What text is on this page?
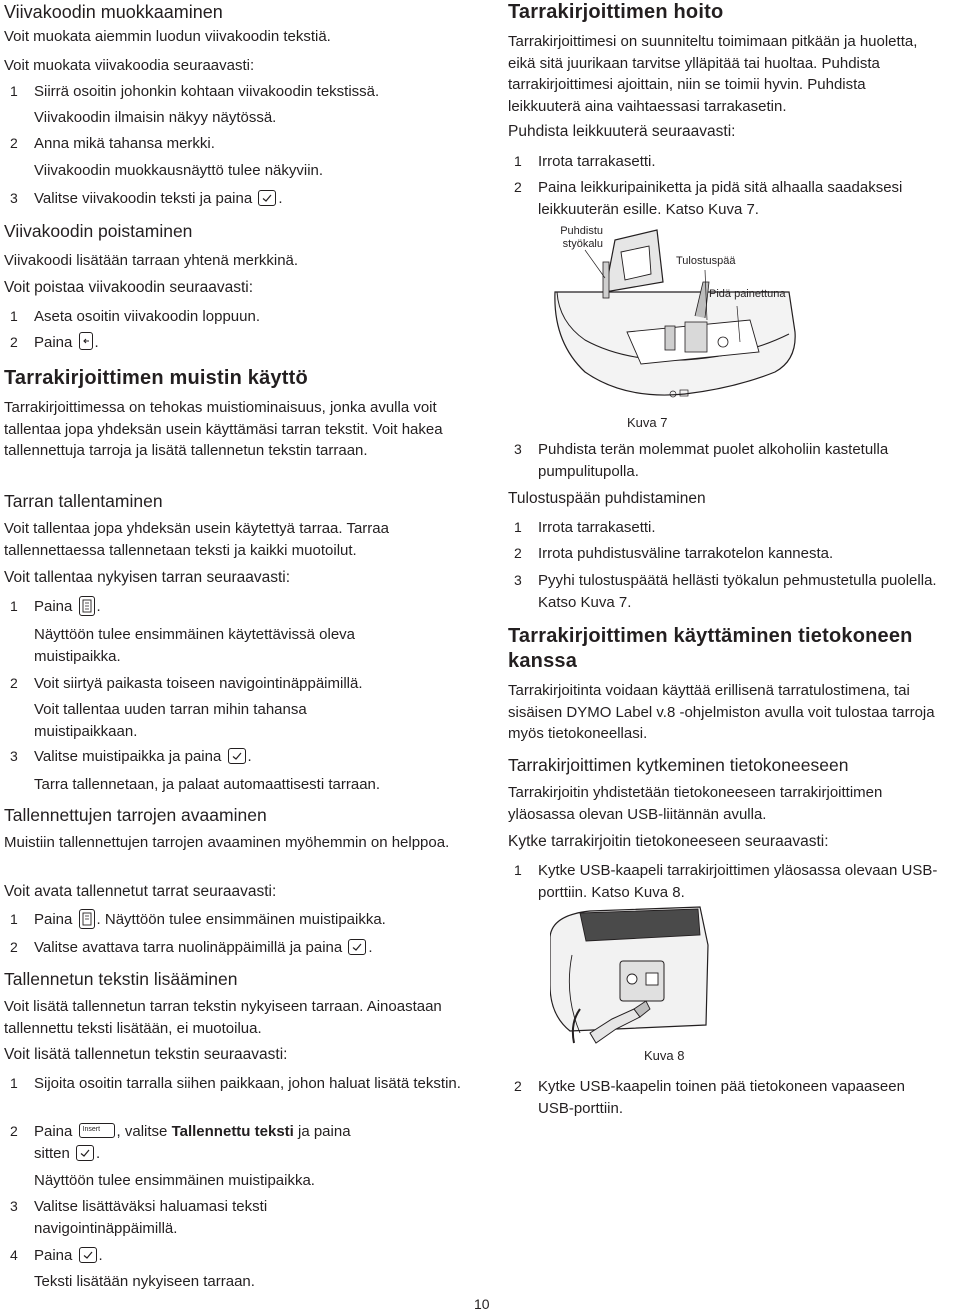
Viivakoodin muokkaaminen
Voit muokata aiemmin luodun viivakoodin tekstiä.
Voit muokata viivakoodia seuraavasti:
1 Siirrä osoitin johonkin kohtaan viivakoodin tekstissä.
Viivakoodin ilmaisin näkyy näytössä.
2 Anna mikä tahansa merkki.
Viivakoodin muokkausnäyttö tulee näkyviin.
3 Valitse viivakoodin teksti ja paina .
Viivakoodin poistaminen
Viivakoodi lisätään tarraan yhtenä merkkinä.
Voit poistaa viivakoodin seuraavasti:
1 Aseta osoitin viivakoodin loppuun.
2 Paina .
Tarrakirjoittimen muistin käyttö
Tarrakirjoittimessa on tehokas muistiominaisuus, jonka avulla voit tallentaa jopa yhdeksän usein käyttämäsi tarran tekstit. Voit hakea tallennettuja tarroja ja lisätä tallennetun tekstin tarraan.
Tarran tallentaminen
Voit tallentaa jopa yhdeksän usein käytettyä tarraa. Tarraa tallennettaessa tallennetaan teksti ja kaikki muotoilut.
Voit tallentaa nykyisen tarran seuraavasti:
1 Paina .
Näyttöön tulee ensimmäinen käytettävissä oleva muistipaikka.
2 Voit siirtyä paikasta toiseen navigointinäppäimillä.
Voit tallentaa uuden tarran mihin tahansa muistipaikkaan.
3 Valitse muistipaikka ja paina .
Tarra tallennetaan, ja palaat automaattisesti tarraan.
Tallennettujen tarrojen avaaminen
Muistiin tallennettujen tarrojen avaaminen myöhemmin on helppoa.
Voit avata tallennetut tarrat seuraavasti:
1 Paina . Näyttöön tulee ensimmäinen muistipaikka.
2 Valitse avattava tarra nuolinäppäimillä ja paina .
Tallennetun tekstin lisääminen
Voit lisätä tallennetun tarran tekstin nykyiseen tarraan. Ainoastaan tallennettu teksti lisätään, ei muotoilua.
Voit lisätä tallennetun tekstin seuraavasti:
1 Sijoita osoitin tarralla siihen paikkaan, johon haluat lisätä tekstin.
2 Paina Insert , valitse Tallennettu teksti ja paina
sitten .
Näyttöön tulee ensimmäinen muistipaikka.
3 Valitse lisättäväksi haluamasi teksti navigointinäppäimillä.
4 Paina .
Teksti lisätään nykyiseen tarraan.
Tarrakirjoittimen hoito
Tarrakirjoittimesi on suunniteltu toimimaan pitkään ja huoletta, eikä sitä juurikaan tarvitse ylläpitää tai huoltaa. Puhdista tarrakirjoittimesi ajoittain, niin se toimii hyvin. Puhdista leikkuuterä aina vaihtaessasi tarrakasetin.
Puhdista leikkuuterä seuraavasti:
1 Irrota tarrakasetti.
2 Paina leikkuripainiketta ja pidä sitä alhaalla saadaksesi leikkuuterän esille. Katso Kuva 7.
Kuva 7
3 Puhdista terän molemmat puolet alkoholiin kastetulla pumpulitupolla.
Tulostuspään puhdistaminen
1 Irrota tarrakasetti.
2 Irrota puhdistusväline tarrakotelon kannesta.
3 Pyyhi tulostuspäätä hellästi työkalun pehmustetulla puolella. Katso Kuva 7.
Tarrakirjoittimen käyttäminen tietokoneen kanssa
Tarrakirjoitinta voidaan käyttää erillisenä tarratulostimena, tai sisäisen DYMO Label v.8 -ohjelmiston avulla voit tulostaa tarroja myös tietokoneellasi.
Tarrakirjoittimen kytkeminen tietokoneeseen
Tarrakirjoitin yhdistetään tietokoneeseen tarrakirjoittimen yläosassa olevan USB-liitännän avulla.
Kytke tarrakirjoitin tietokoneeseen seuraavasti:
1 Kytke USB-kaapeli tarrakirjoittimen yläosassa olevaan USB-porttiin. Katso Kuva 8.
Kuva 8
2 Kytke USB-kaapelin toinen pää tietokoneen vapaaseen USB-porttiin.
Puhdistu styökalu
Tulostuspää
Pidä painettuna
10
